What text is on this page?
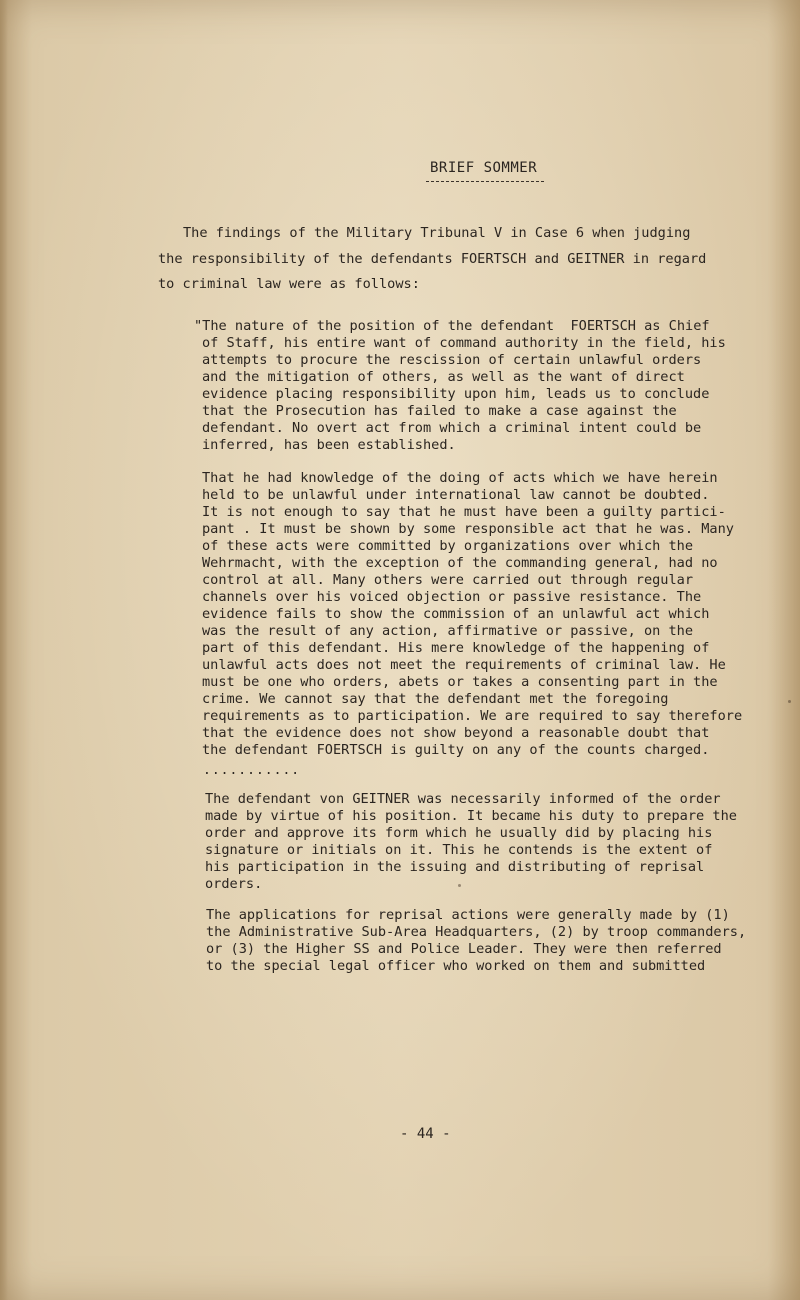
BRIEF SOMMER
The findings of the Military Tribunal V in Case 6 when judging
the responsibility of the defendants FOERTSCH and GEITNER in regard
to criminal law were as follows:
"The nature of the position of the defendant  FOERTSCH as Chief
of Staff, his entire want of command authority in the field, his
attempts to procure the rescission of certain unlawful orders
and the mitigation of others, as well as the want of direct
evidence placing responsibility upon him, leads us to conclude
that the Prosecution has failed to make a case against the
defendant. No overt act from which a criminal intent could be
inferred, has been established.
That he had knowledge of the doing of acts which we have herein
held to be unlawful under international law cannot be doubted.
It is not enough to say that he must have been a guilty partici-
pant . It must be shown by some responsible act that he was. Many
of these acts were committed by organizations over which the
Wehrmacht, with the exception of the commanding general, had no
control at all. Many others were carried out through regular
channels over his voiced objection or passive resistance. The
evidence fails to show the commission of an unlawful act which
was the result of any action, affirmative or passive, on the
part of this defendant. His mere knowledge of the happening of
unlawful acts does not meet the requirements of criminal law. He
must be one who orders, abets or takes a consenting part in the
crime. We cannot say that the defendant met the foregoing
requirements as to participation. We are required to say therefore
that the evidence does not show beyond a reasonable doubt that
the defendant FOERTSCH is guilty on any of the counts charged.
...........
The defendant von GEITNER was necessarily informed of the order
made by virtue of his position. It became his duty to prepare the
order and approve its form which he usually did by placing his
signature or initials on it. This he contends is the extent of
his participation in the issuing and distributing of reprisal
orders.
The applications for reprisal actions were generally made by (1)
the Administrative Sub-Area Headquarters, (2) by troop commanders,
or (3) the Higher SS and Police Leader. They were then referred
to the special legal officer who worked on them and submitted
- 44 -
